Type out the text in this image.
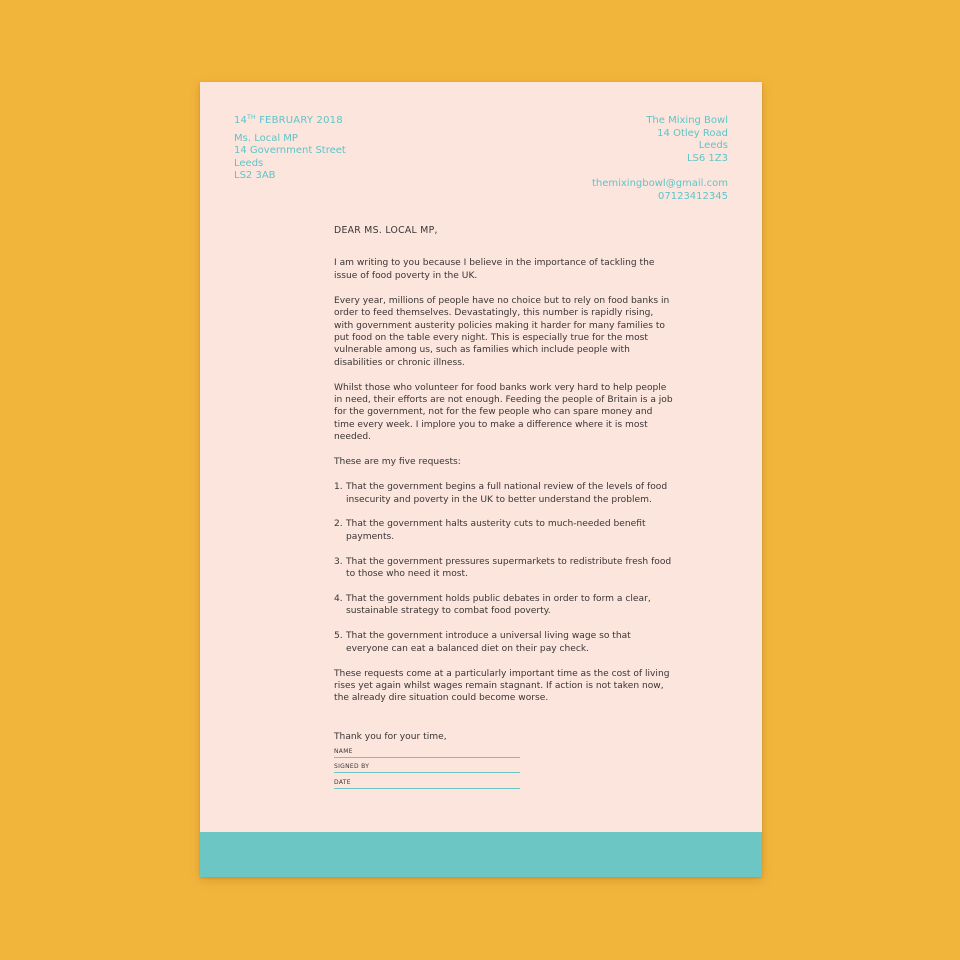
14TH FEBRUARY 2018
Ms. Local MP
14 Government Street
Leeds
LS2 3AB
The Mixing Bowl
14 Otley Road
Leeds
LS6 1Z3
themixingbowl@gmail.com
07123412345
DEAR MS. LOCAL MP,

I am writing to you because I believe in the importance of tackling the issue of food poverty in the UK.

Every year, millions of people have no choice but to rely on food banks in order to feed themselves. Devastatingly, this number is rapidly rising, with government austerity policies making it harder for many families to put food on the table every night. This is especially true for the most vulnerable among us, such as families which include people with disabilities or chronic illness.

Whilst those who volunteer for food banks work very hard to help people in need, their efforts are not enough. Feeding the people of Britain is a job for the government, not for the few people who can spare money and time every week. I implore you to make a difference where it is most needed.

These are my five requests:

1. That the government begins a full national review of the levels of food insecurity and poverty in the UK to better understand the problem.
2. That the government halts austerity cuts to much-needed benefit payments.
3. That the government pressures supermarkets to redistribute fresh food to those who need it most.
4. That the government holds public debates in order to form a clear, sustainable strategy to combat food poverty.
5. That the government introduce a universal living wage so that everyone can eat a balanced diet on their pay check.

These requests come at a particularly important time as the cost of living rises yet again whilst wages remain stagnant. If action is not taken now, the already dire situation could become worse.

Thank you for your time,

NAME
SIGNED BY
DATE
